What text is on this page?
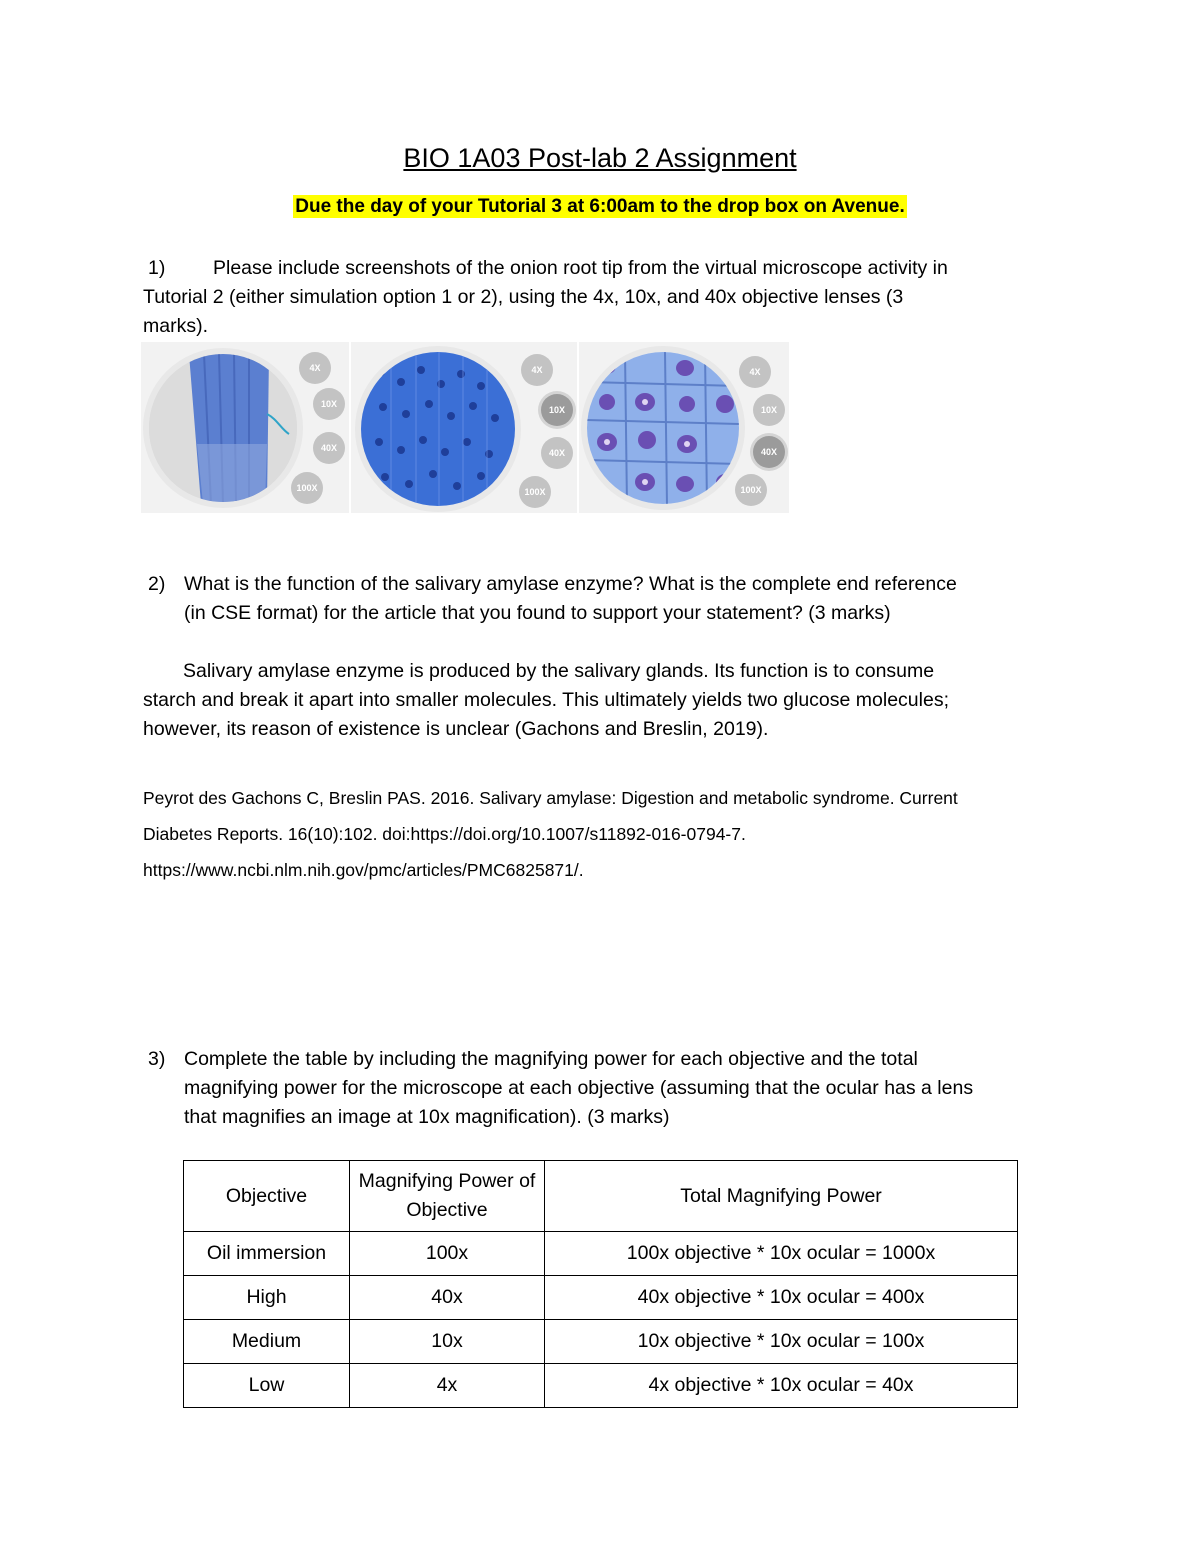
BIO 1A03 Post-lab 2 Assignment
Due the day of your Tutorial 3 at 6:00am to the drop box on Avenue.
1)	Please include screenshots of the onion root tip from the virtual microscope activity in
Tutorial 2 (either simulation option 1 or 2), using the 4x, 10x, and 40x objective lenses (3
marks).
4X
10X
40X
100X
4X
10X
40X
100X
4X
10X
40X
100X
2) What is the function of the salivary amylase enzyme? What is the complete end reference
(in CSE format) for the article that you found to support your statement? (3 marks)
Salivary amylase enzyme is produced by the salivary glands. Its function is to consume
starch and break it apart into smaller molecules. This ultimately yields two glucose molecules;
however, its reason of existence is unclear (Gachons and Breslin, 2019).
Peyrot des Gachons C, Breslin PAS. 2016. Salivary amylase: Digestion and metabolic syndrome. Current
Diabetes Reports. 16(10):102. doi:https://doi.org/10.1007/s11892-016-0794-7.
https://www.ncbi.nlm.nih.gov/pmc/articles/PMC6825871/.
3) Complete the table by including the magnifying power for each objective and the total
magnifying power for the microscope at each objective (assuming that the ocular has a lens
that magnifies an image at 10x magnification). (3 marks)
Objective	Magnifying Power of Objective	Total Magnifying Power
Oil immersion	100x	100x objective * 10x ocular = 1000x
High	40x	40x objective * 10x ocular = 400x
Medium	10x	10x objective * 10x ocular = 100x
Low	4x	4x objective * 10x ocular = 40x
